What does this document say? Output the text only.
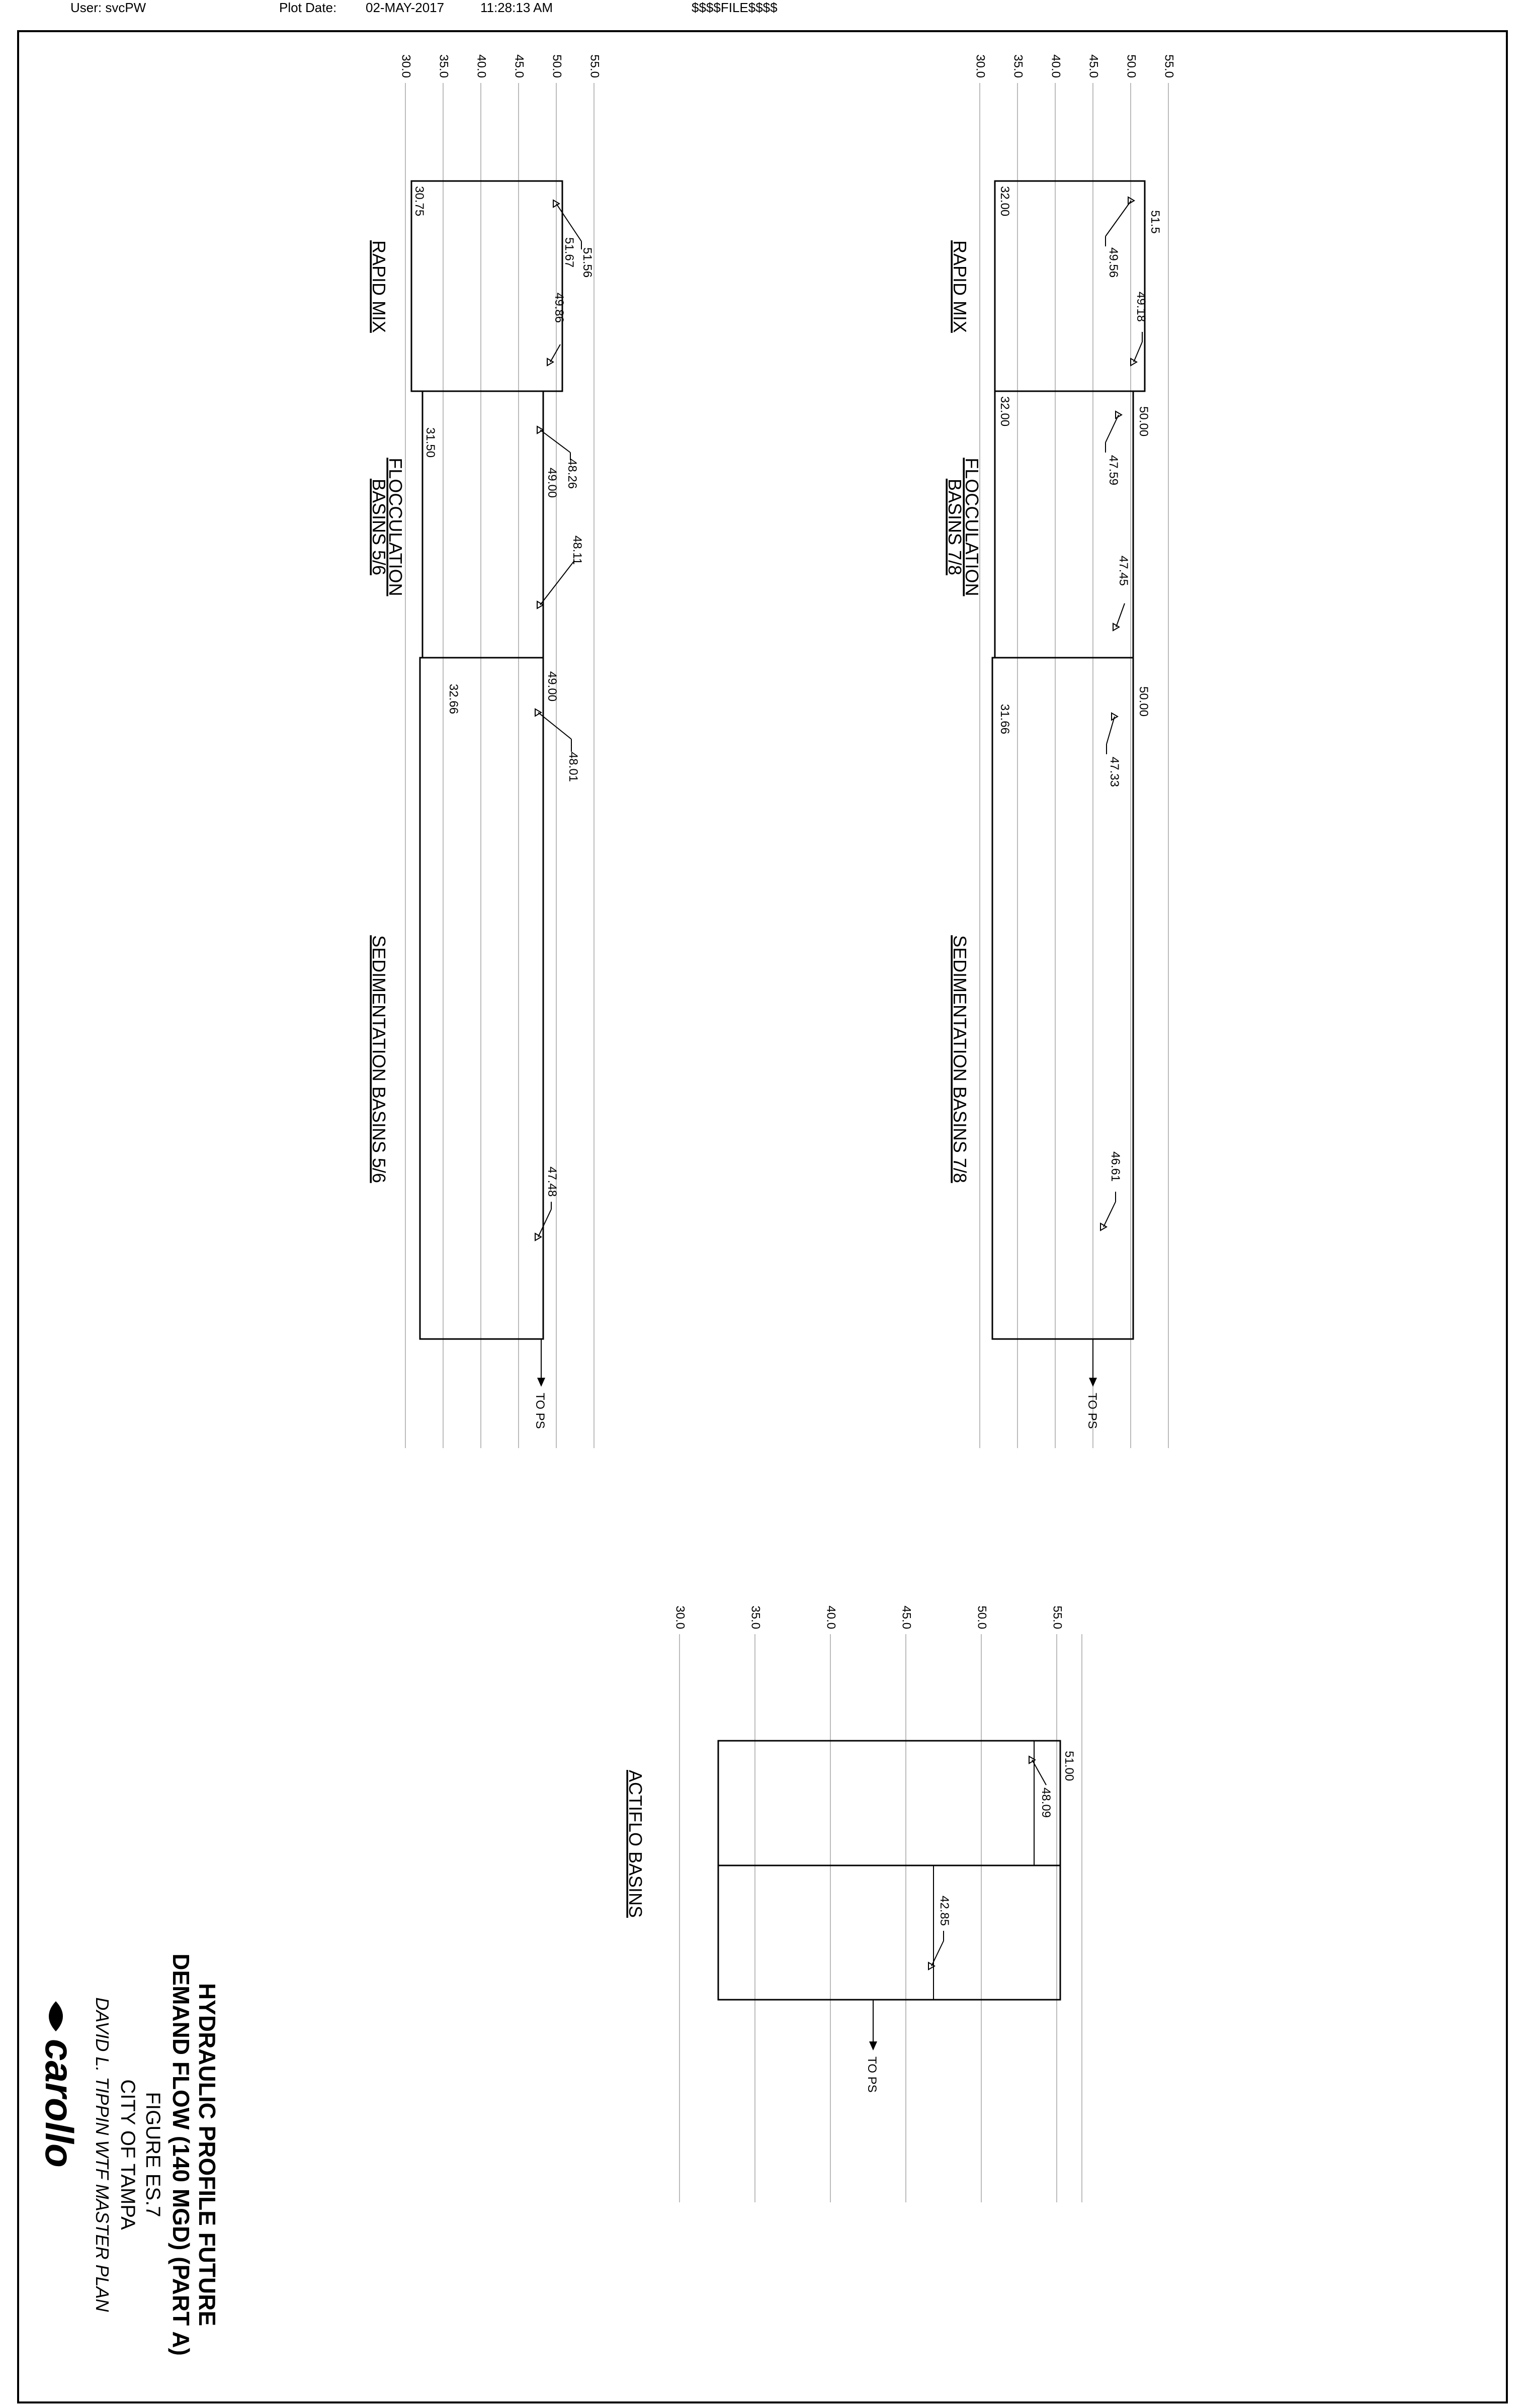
User: svcPW	Plot Date: 02-MAY-2017	11:28:13 AM	$$$$FILE$$$$
30.0 35.0 40.0 45.0 50.0 55.0
32.00
51.5
49.56
49.18
RAPID MIX
32.00	50.00
47.59
47.45
FLOCCULATION
BASINS 7/8
31.66
50.00
47.33
46.61
SEDIMENTATION BASINS 7/8
TO PS
30.0 35.0 40.0 45.0 50.0 55.0
30.75
51.67 51.56
49.86
RAPID MIX
31.50
49.00 48.26
48.11
FLOCCULATION
BASINS 5/6
32.66	49.00
48.01
47.48
SEDIMENTATION BASINS 5/6
TO PS
30.0	35.0	40.0	45.0	50.0	55.0
51.00
48.09
42.85
ACTIFLO BASINS
TO PS
HYDRAULIC PROFILE FUTURE
DEMAND FLOW (140 MGD) (PART A)
FIGURE ES.7
CITY OF TAMPA
DAVID L. TIPPIN WTF MASTER PLAN
carollo
